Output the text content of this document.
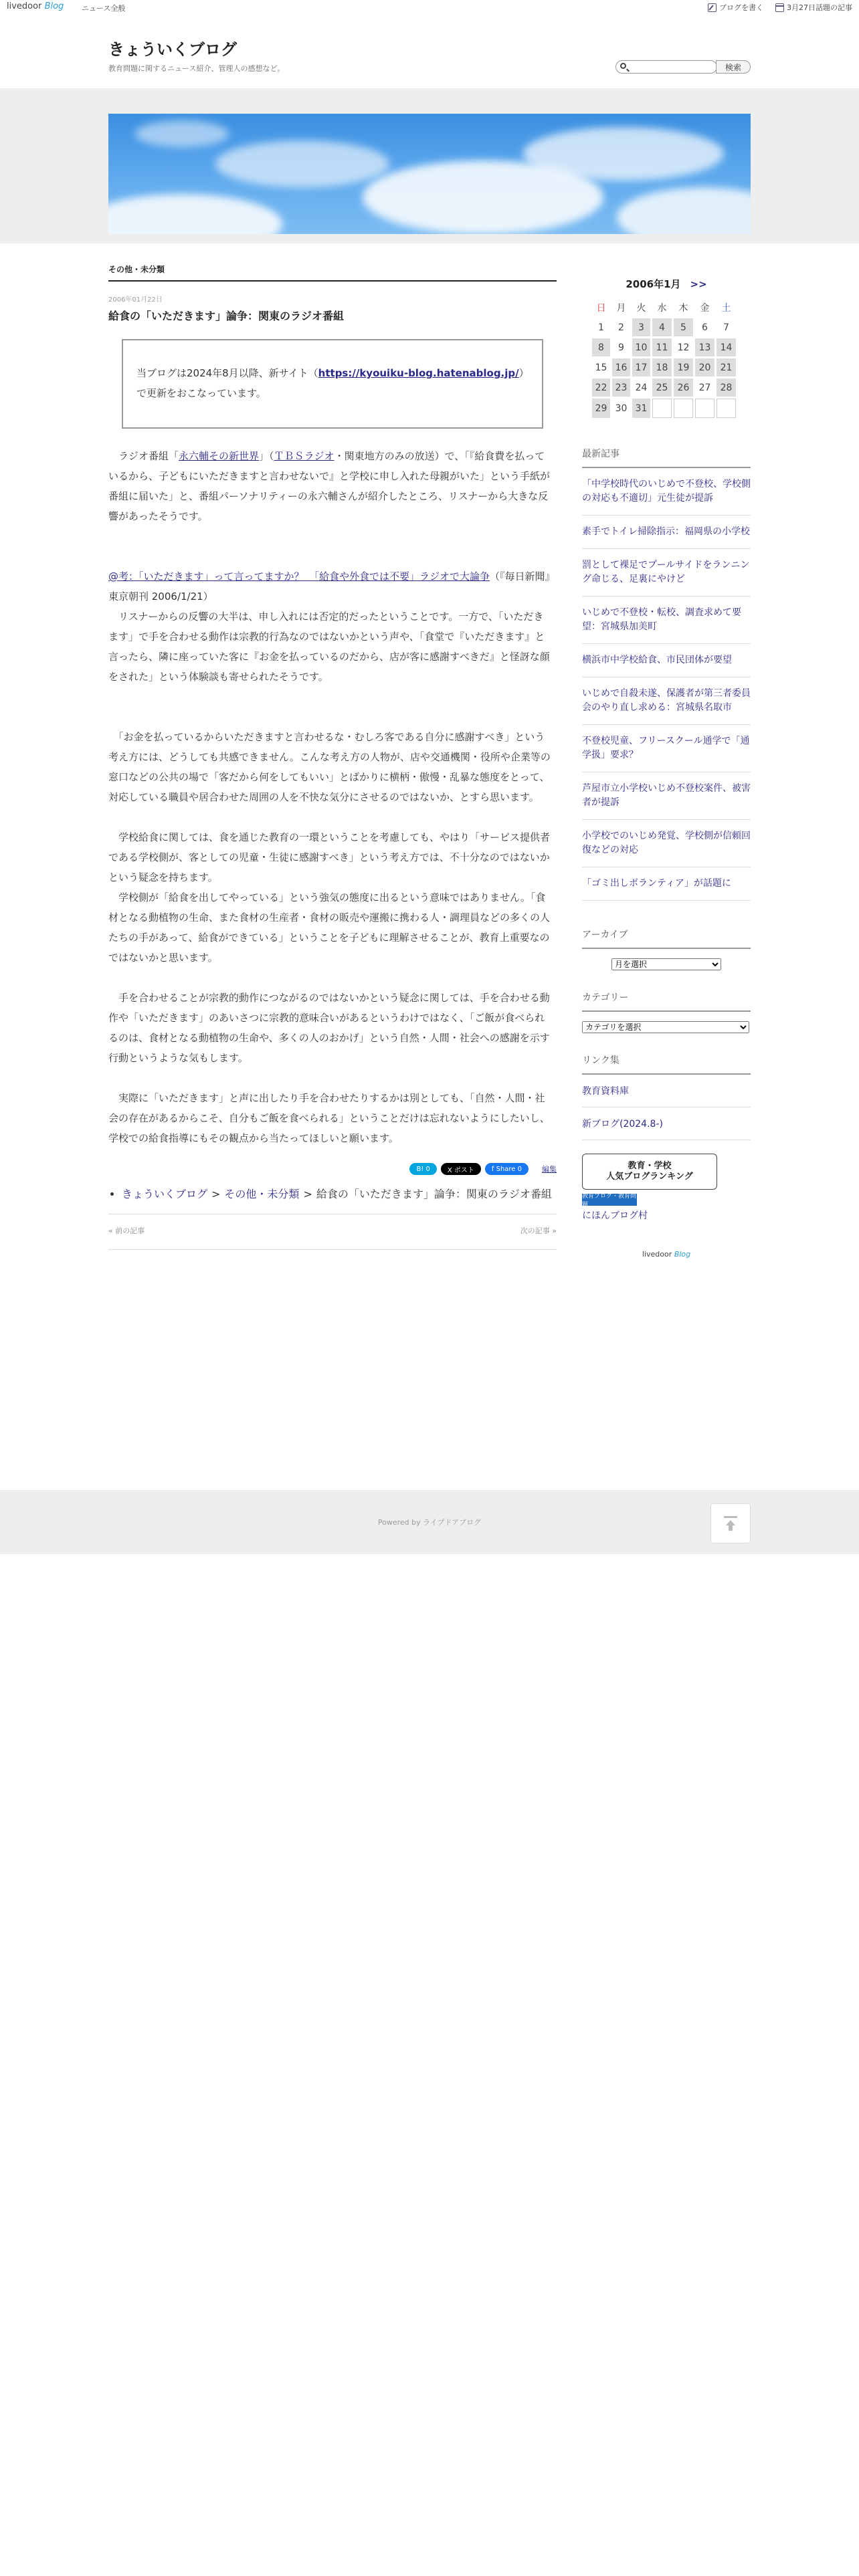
livedoor Blog ニュース全般	ブログを書く	3月27日話題の記事
きょういくブログ
教育問題に関するニュース紹介、管理人の感想など。	検索
その他・未分類
2006年01月22日
給食の「いただきます」論争：関東のラジオ番組
当ブログは2024年8月以降、新サイト（https://kyouiku-blog.hatenablog.jp/）で更新をおこなっています。

　ラジオ番組「永六輔その新世界」（ＴＢＳラジオ・関東地方のみの放送）で、「『給食費を払っているから、子どもにいただきますと言わせないで』と学校に申し入れた母親がいた」という手紙が番組に届いた」と、番組パーソナリティーの永六輔さんが紹介したところ、リスナーから大きな反響があったそうです。

@考：「いただきます」って言ってますか？　「給食や外食では不要」ラジオで大論争（『毎日新聞』東京朝刊 2006/1/21）
　リスナーからの反響の大半は、申し入れには否定的だったということです。一方で、「いただきます」で手を合わせる動作は宗教的行為なのではないかという声や、「食堂で『いただきます』と言ったら、隣に座っていた客に『お金を払っているのだから、店が客に感謝すべきだ』と怪訝な顔をされた」という体験談も寄せられたそうです。

　「お金を払っているからいただきますと言わせるな・むしろ客である自分に感謝すべき」という考え方には、どうしても共感できません。こんな考え方の人物が、店や交通機関・役所や企業等の窓口などの公共の場で「客だから何をしてもいい」とばかりに横柄・傲慢・乱暴な態度をとって、対応している職員や居合わせた周囲の人を不快な気分にさせるのではないか、とすら思います。

　学校給食に関しては、食を通じた教育の一環ということを考慮しても、やはり「サービス提供者である学校側が、客としての児童・生徒に感謝すべき」という考え方では、不十分なのではないかという疑念を持ちます。
　学校側が「給食を出してやっている」という強気の態度に出るという意味ではありません。「食材となる動植物の生命、また食材の生産者・食材の販売や運搬に携わる人・調理員などの多くの人たちの手があって、給食ができている」ということを子どもに理解させることが、教育上重要なのではないかと思います。

　手を合わせることが宗教的動作につながるのではないかという疑念に関しては、手を合わせる動作や「いただきます」のあいさつに宗教的意味合いがあるというわけではなく、「ご飯が食べられるのは、食材となる動植物の生命や、多くの人のおかげ」という自然・人間・社会への感謝を示す行動というような気もします。

　実際に「いただきます」と声に出したり手を合わせたりするかは別としても、「自然・人間・社会の存在があるからこそ、自分もご飯を食べられる」ということだけは忘れないようにしたいし、学校での給食指導にもその観点から当たってほしいと願います。

B! 0	X ポスト	f Share 0	編集
• きょういくブログ > その他・未分類 > 給食の「いただきます」論争：関東のラジオ番組
« 前の記事	次の記事 »
2006年1月 >>
日	月	火	水	木	金	土
1	2	3	4	5	6	7
8	9	10	11	12	13	14
15	16	17	18	19	20	21
22	23	24	25	26	27	28
29	30	31				
最新記事
「中学校時代のいじめで不登校、学校側の対応も不適切」元生徒が提訴
素手でトイレ掃除指示：福岡県の小学校
罰として裸足でプールサイドをランニング命じる、足裏にやけど
いじめで不登校・転校、調査求めて要望：宮城県加美町
横浜市中学校給食、市民団体が要望
いじめで自殺未遂、保護者が第三者委員会のやり直し求める：宮城県名取市
不登校児童、フリースクール通学で「通学扱」要求？
芦屋市立小学校いじめ不登校案件、被害者が提訴
小学校でのいじめ発覚、学校側が信頼回復などの対応
「ゴミ出しボランティア」が話題に
アーカイブ
月を選択
カテゴリー
カテゴリを選択
リンク集
教育資料庫
新ブログ(2024.8-)
教育・学校
人気ブログランキング
教育ブログ・教育問題
にほんブログ村
livedoor Blog
Powered by ライブドアブログ
